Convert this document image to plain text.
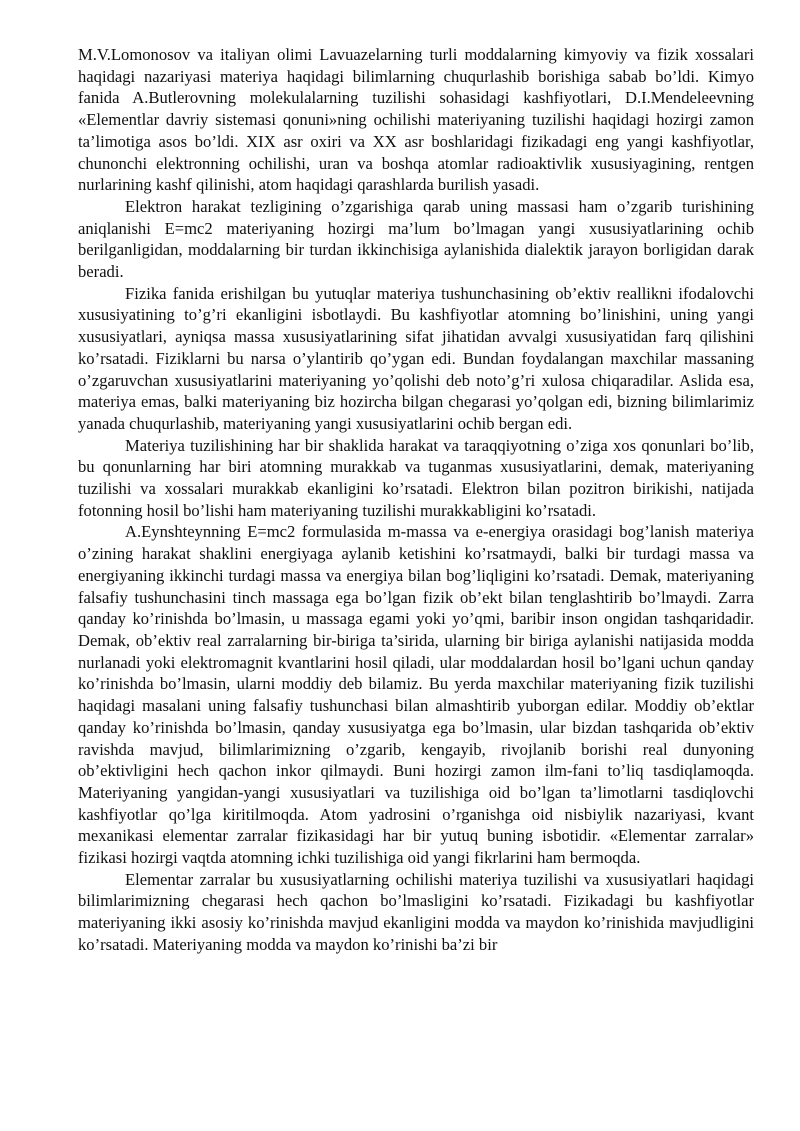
M.V.Lomonosov va italiyan olimi Lavuazelarning turli moddalarning kimyoviy va fizik xossalari haqidagi nazariyasi materiya haqidagi bilimlarning chuqurlashib borishiga sabab bo’ldi. Kimyo fanida A.Butlerovning molekulalarning tuzilishi sohasidagi kashfiyotlari, D.I.Mendeleevning «Elementlar davriy sistemasi qonuni»ning ochilishi materiyaning tuzilishi haqidagi hozirgi zamon ta’limotiga asos bo’ldi. XIX asr oxiri va XX asr boshlaridagi fizikadagi eng yangi kashfiyotlar, chunonchi elektronning ochilishi, uran va boshqa atomlar radioaktivlik xususiyagining, rentgen nurlarining kashf qilinishi, atom haqidagi qarashlarda burilish yasadi.

Elektron harakat tezligining o’zgarishiga qarab uning massasi ham o’zgarib turishining aniqlanishi E=mc2 materiyaning hozirgi ma’lum bo’lmagan yangi xususiyatlarining ochib berilganligidan, moddalarning bir turdan ikkinchisiga aylanishida dialektik jarayon borligidan darak beradi.

Fizika fanida erishilgan bu yutuqlar materiya tushunchasining ob’ektiv reallikni ifodalovchi xususiyatining to’g’ri ekanligini isbotlaydi. Bu kashfiyotlar atomning bo’linishini, uning yangi xususiyatlari, ayniqsa massa xususiyatlarining sifat jihatidan avvalgi xususiyatidan farq qilishini ko’rsatadi. Fiziklarni bu narsa o’ylantirib qo’ygan edi. Bundan foydalangan maxchilar massaning o’zgaruvchan xususiyatlarini materiyaning yo’qolishi deb noto’g’ri xulosa chiqaradilar. Aslida esa, materiya emas, balki materiyaning biz hozircha bilgan chegarasi yo’qolgan edi, bizning bilimlarimiz yanada chuqurlashib, materiyaning yangi xususiyatlarini ochib bergan edi.

Materiya tuzilishining har bir shaklida harakat va taraqqiyotning o’ziga xos qonunlari bo’lib, bu qonunlarning har biri atomning murakkab va tuganmas xususiyatlarini, demak, materiyaning tuzilishi va xossalari murakkab ekanligini ko’rsatadi. Elektron bilan pozitron birikishi, natijada fotonning hosil bo’lishi ham materiyaning tuzilishi murakkabligini ko’rsatadi.

A.Eynshteynning E=mc2 formulasida m-massa va e-energiya orasidagi bog’lanish materiya o’zining harakat shaklini energiyaga aylanib ketishini ko’rsatmaydi, balki bir turdagi massa va energiyaning ikkinchi turdagi massa va energiya bilan bog’liqligini ko’rsatadi. Demak, materiyaning falsafiy tushunchasini tinch massaga ega bo’lgan fizik ob’ekt bilan tenglashtirib bo’lmaydi. Zarra qanday ko’rinishda bo’lmasin, u massaga egami yoki yo’qmi, baribir inson ongidan tashqaridadir. Demak, ob’ektiv real zarralarning bir-biriga ta’sirida, ularning bir biriga aylanishi natijasida modda nurlanadi yoki elektromagnit kvantlarini hosil qiladi, ular moddalardan hosil bo’lgani uchun qanday ko’rinishda bo’lmasin, ularni moddiy deb bilamiz. Bu yerda maxchilar materiyaning fizik tuzilishi haqidagi masalani uning falsafiy tushunchasi bilan almashtirib yuborgan edilar. Moddiy ob’ektlar qanday ko’rinishda bo’lmasin, qanday xususiyatga ega bo’lmasin, ular bizdan tashqarida ob’ektiv ravishda mavjud, bilimlarimizning o’zgarib, kengayib, rivojlanib borishi real dunyoning ob’ektivligini hech qachon inkor qilmaydi. Buni hozirgi zamon ilm-fani to’liq tasdiqlamoqda. Materiyaning yangidan-yangi xususiyatlari va tuzilishiga oid bo’lgan ta’limotlarni tasdiqlovchi kashfiyotlar qo’lga kiritilmoqda. Atom yadrosini o’rganishga oid nisbiylik nazariyasi, kvant mexanikasi elementar zarralar fizikasidagi har bir yutuq buning isbotidir. «Elementar zarralar» fizikasi hozirgi vaqtda atomning ichki tuzilishiga oid yangi fikrlarini ham bermoqda.

Elementar zarralar bu xususiyatlarning ochilishi materiya tuzilishi va xususiyatlari haqidagi bilimlarimizning chegarasi hech qachon bo’lmasligini ko’rsatadi. Fizikadagi bu kashfiyotlar materiyaning ikki asosiy ko’rinishda mavjud ekanligini modda va maydon ko’rinishida mavjudligini ko’rsatadi. Materiyaning modda va maydon ko’rinishi ba’zi bir
